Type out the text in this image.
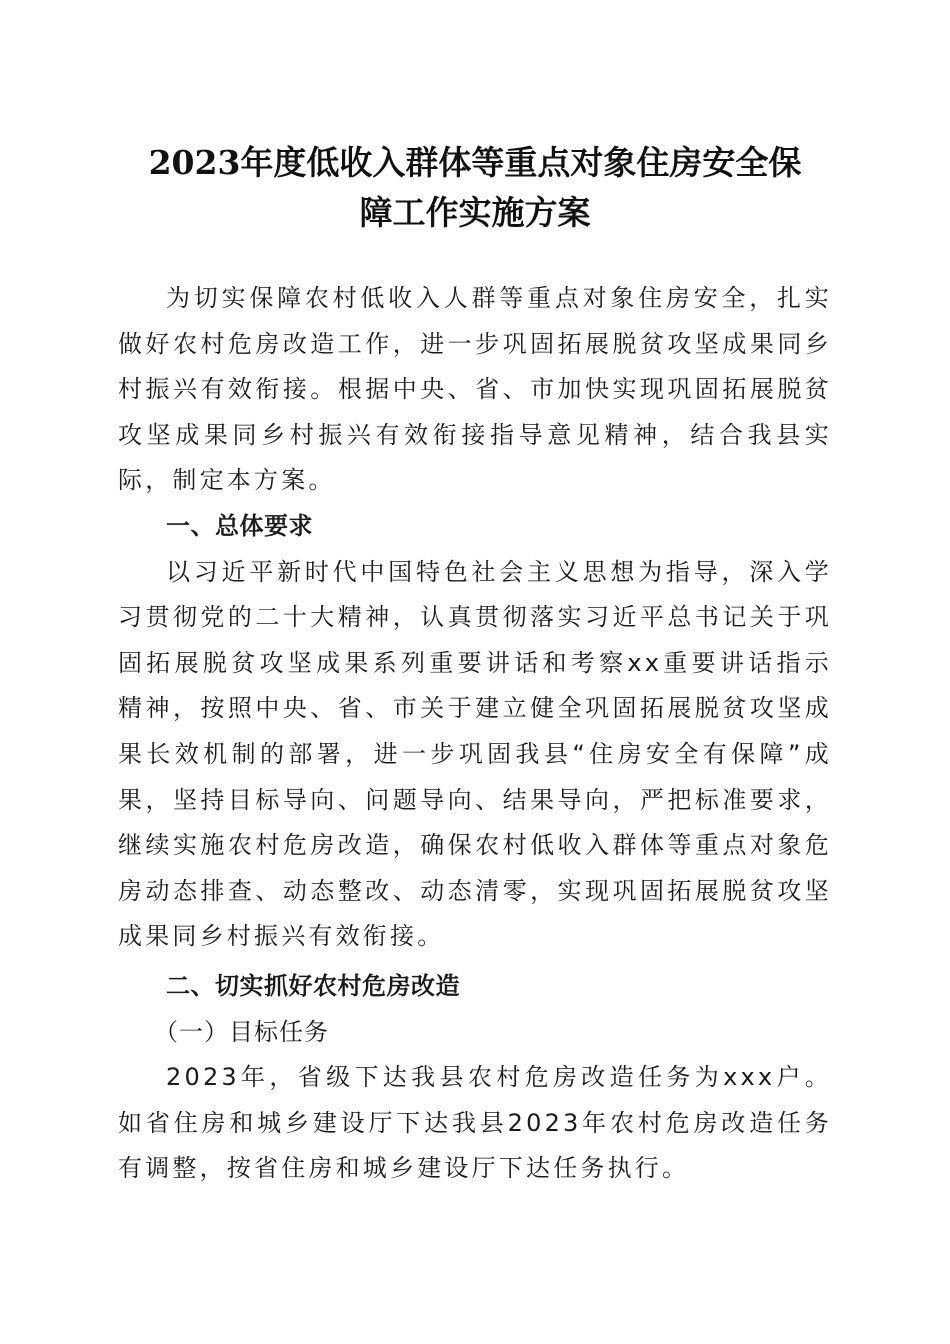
2023年度低收入群体等重点对象住房安全保
障工作实施方案

为切实保障农村低收入人群等重点对象住房安全，扎实做好农村危房改造工作，进一步巩固拓展脱贫攻坚成果同乡村振兴有效衔接。根据中央、省、市加快实现巩固拓展脱贫攻坚成果同乡村振兴有效衔接指导意见精神，结合我县实际，制定本方案。

一、总体要求

以习近平新时代中国特色社会主义思想为指导，深入学习贯彻党的二十大精神，认真贯彻落实习近平总书记关于巩固拓展脱贫攻坚成果系列重要讲话和考察xx重要讲话指示精神，按照中央、省、市关于建立健全巩固拓展脱贫攻坚成果长效机制的部署，进一步巩固我县“住房安全有保障”成果，坚持目标导向、问题导向、结果导向，严把标准要求，继续实施农村危房改造，确保农村低收入群体等重点对象危房动态排查、动态整改、动态清零，实现巩固拓展脱贫攻坚成果同乡村振兴有效衔接。

二、切实抓好农村危房改造

（一）目标任务

2023年，省级下达我县农村危房改造任务为xxx户。如省住房和城乡建设厅下达我县2023年农村危房改造任务有调整，按省住房和城乡建设厅下达任务执行。
